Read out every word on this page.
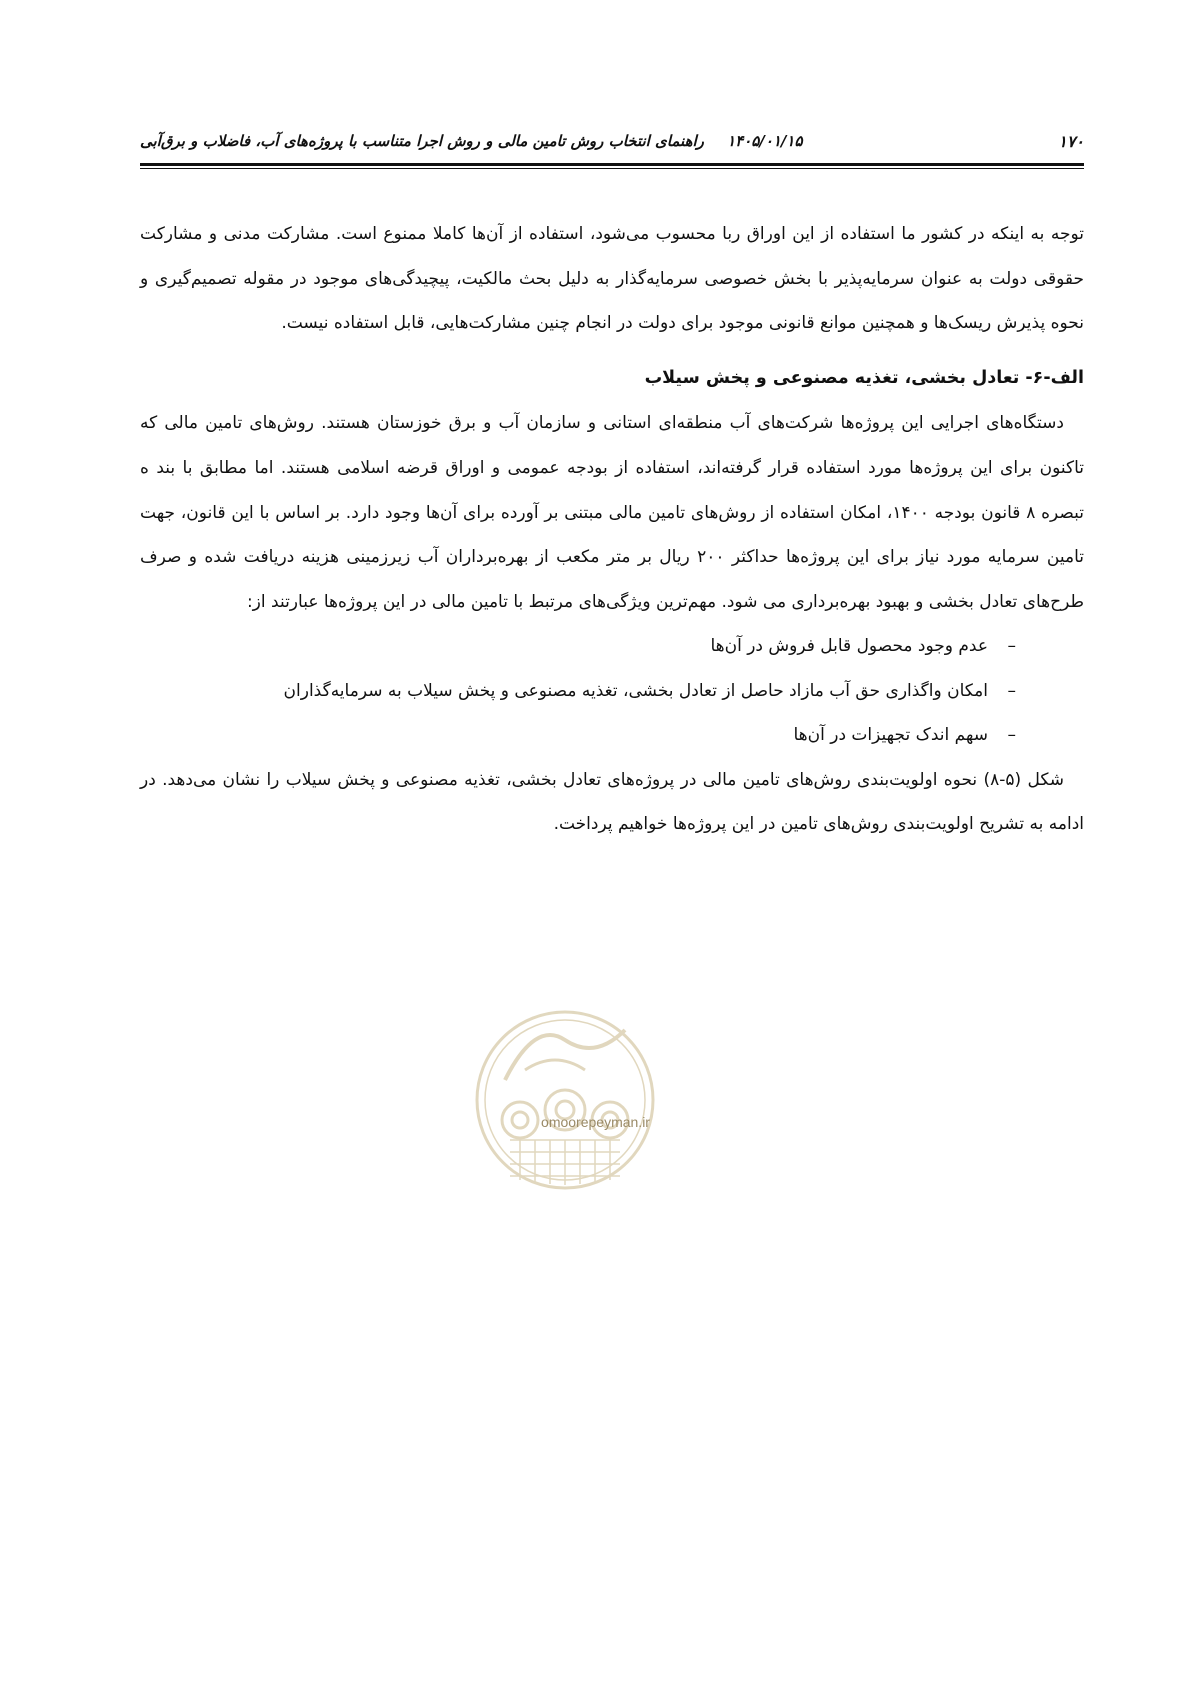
۱۷۰
۱۴۰۵/۰۱/۱۵ راهنمای انتخاب روش تامین مالی و روش اجرا متناسب با پروژه‌های آب، فاضلاب و برق‌آبی

توجه به اینکه در کشور ما استفاده از این اوراق ربا محسوب می‌شود، استفاده از آن‌ها کاملا ممنوع است. مشارکت مدنی و مشارکت حقوقی دولت به عنوان سرمایه‌پذیر با بخش خصوصی سرمایه‌گذار به دلیل بحث مالکیت، پیچیدگی‌های موجود در مقوله تصمیم‌گیری و نحوه پذیرش ریسک‌ها و همچنین موانع قانونی موجود برای دولت در انجام چنین مشارکت‌هایی، قابل استفاده نیست.

الف-۶- تعادل بخشی، تغذیه مصنوعی و پخش سیلاب

دستگاه‌های اجرایی این پروژه‌ها شرکت‌های آب منطقه‌ای استانی و سازمان آب و برق خوزستان هستند. روش‌های تامین مالی که تاکنون برای این پروژه‌ها مورد استفاده قرار گرفته‌اند، استفاده از بودجه عمومی و اوراق قرضه اسلامی هستند. اما مطابق با بند ه تبصره ۸ قانون بودجه ۱۴۰۰، امکان استفاده از روش‌های تامین مالی مبتنی بر آورده برای آن‌ها وجود دارد. بر اساس با این قانون، جهت تامین سرمایه مورد نیاز برای این پروژه‌ها حداکثر ۲۰۰ ریال بر متر مکعب از بهره‌برداران آب زیرزمینی هزینه دریافت شده و صرف طرح‌های تعادل بخشی و بهبود بهره‌برداری می شود. مهم‌ترین ویژگی‌های مرتبط با تامین مالی در این پروژه‌ها عبارتند از:

–عدم وجود محصول قابل فروش در آن‌ها
–امکان واگذاری حق آب مازاد حاصل از تعادل بخشی، تغذیه مصنوعی و پخش سیلاب به سرمایه‌گذاران
–سهم اندک تجهیزات در آن‌ها

شکل (۵-۸) نحوه اولویت‌بندی روش‌های تامین مالی در پروژه‌های تعادل بخشی، تغذیه مصنوعی و پخش سیلاب را نشان می‌دهد. در ادامه به تشریح اولویت‌بندی روش‌های تامین در این پروژه‌ها خواهیم پرداخت.

omoorepeyman.ir
